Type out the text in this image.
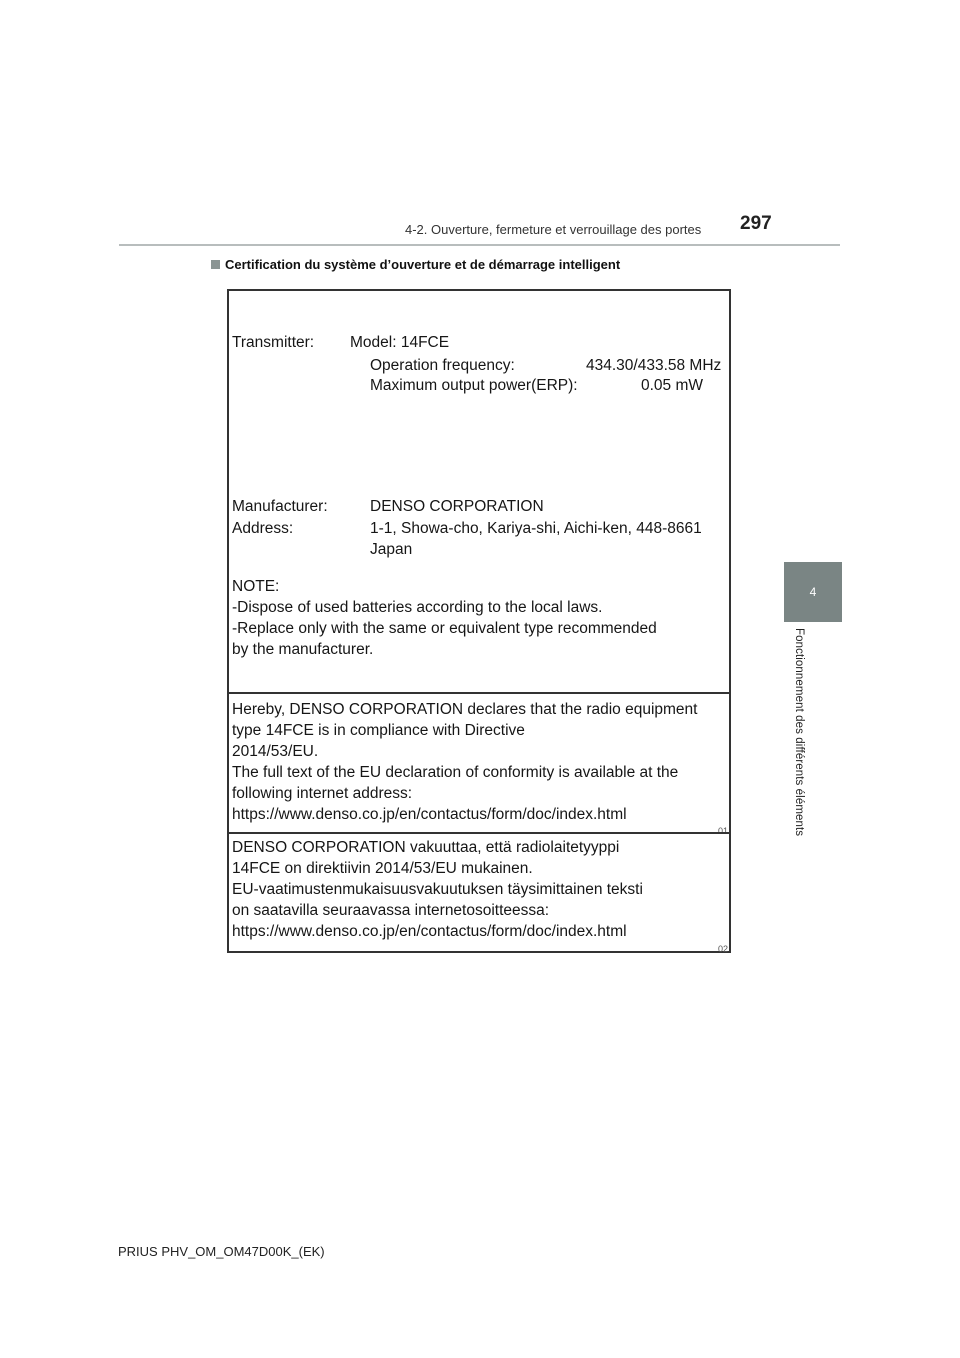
4-2. Ouverture, fermeture et verrouillage des portes 297
Certification du système d’ouverture et de démarrage intelligent
Transmitter: Model: 14FCE
Operation frequency:	434.30/433.58 MHz
Maximum output power(ERP):	0.05 mW
Manufacturer:	DENSO CORPORATION
Address:	1-1, Showa-cho, Kariya-shi, Aichi-ken, 448-8661
Japan
NOTE:
-Dispose of used batteries according to the local laws.
-Replace only with the same or equivalent type recommended
by the manufacturer.
Hereby, DENSO CORPORATION declares that the radio equipment
type 14FCE is in compliance with Directive
2014/53/EU.
The full text of the EU declaration of conformity is available at the
following internet address:
https://www.denso.co.jp/en/contactus/form/doc/index.html
01
DENSO CORPORATION vakuuttaa, että radiolaitetyyppi
14FCE on direktiivin 2014/53/EU mukainen.
EU-vaatimustenmukaisuusvakuutuksen täysimittainen teksti
on saatavilla seuraavassa internetosoitteessa:
https://www.denso.co.jp/en/contactus/form/doc/index.html
02
4
Fonctionnement des différents éléments
PRIUS PHV_OM_OM47D00K_(EK)
